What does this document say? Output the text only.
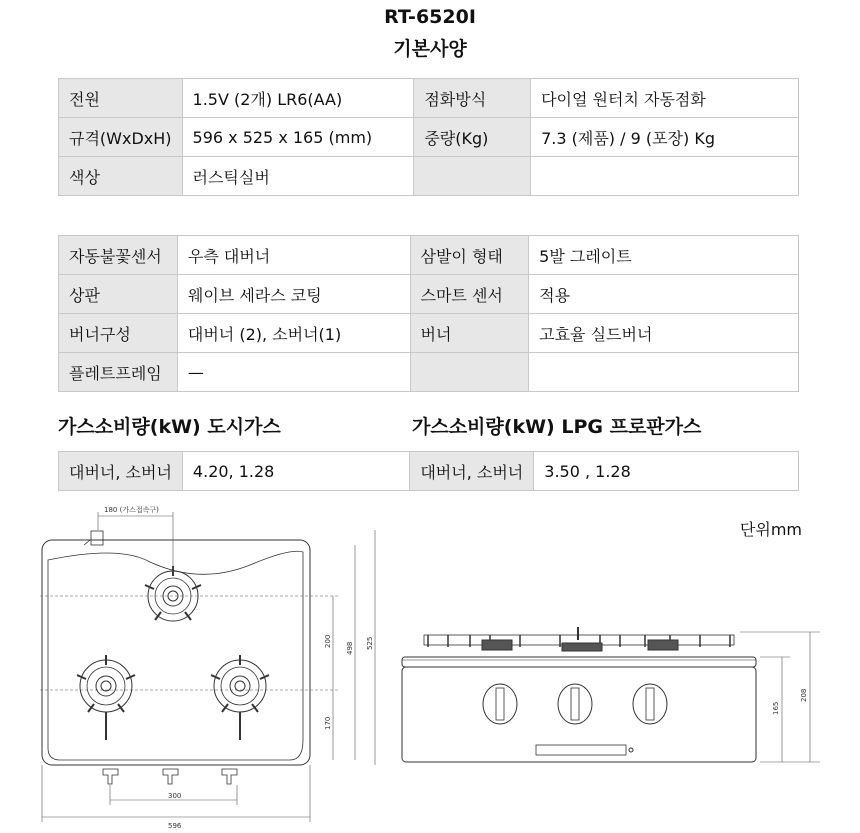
RT-6520I
기본사양
전원	1.5V (2개) LR6(AA)	점화방식	다이얼 원터치 자동점화
규격(WxDxH)	596 x 525 x 165 (mm)	중량(Kg)	7.3 (제품) / 9 (포장) Kg
색상	러스틱실버		
자동불꽃센서	우측 대버너	삼발이 형태	5발 그레이트
상판	웨이브 세라스 코팅	스마트 센서	적용
버너구성	대버너 (2), 소버너(1)	버너	고효율 실드버너
플레트프레임	—		
가스소비량(kW) 도시가스	가스소비량(kW) LPG 프로판가스
대버너, 소버너	4.20, 1.28	대버너, 소버너	3.50 , 1.28
단위mm
180 (가스접속구)
200
498 525
170
300
596
165
208
